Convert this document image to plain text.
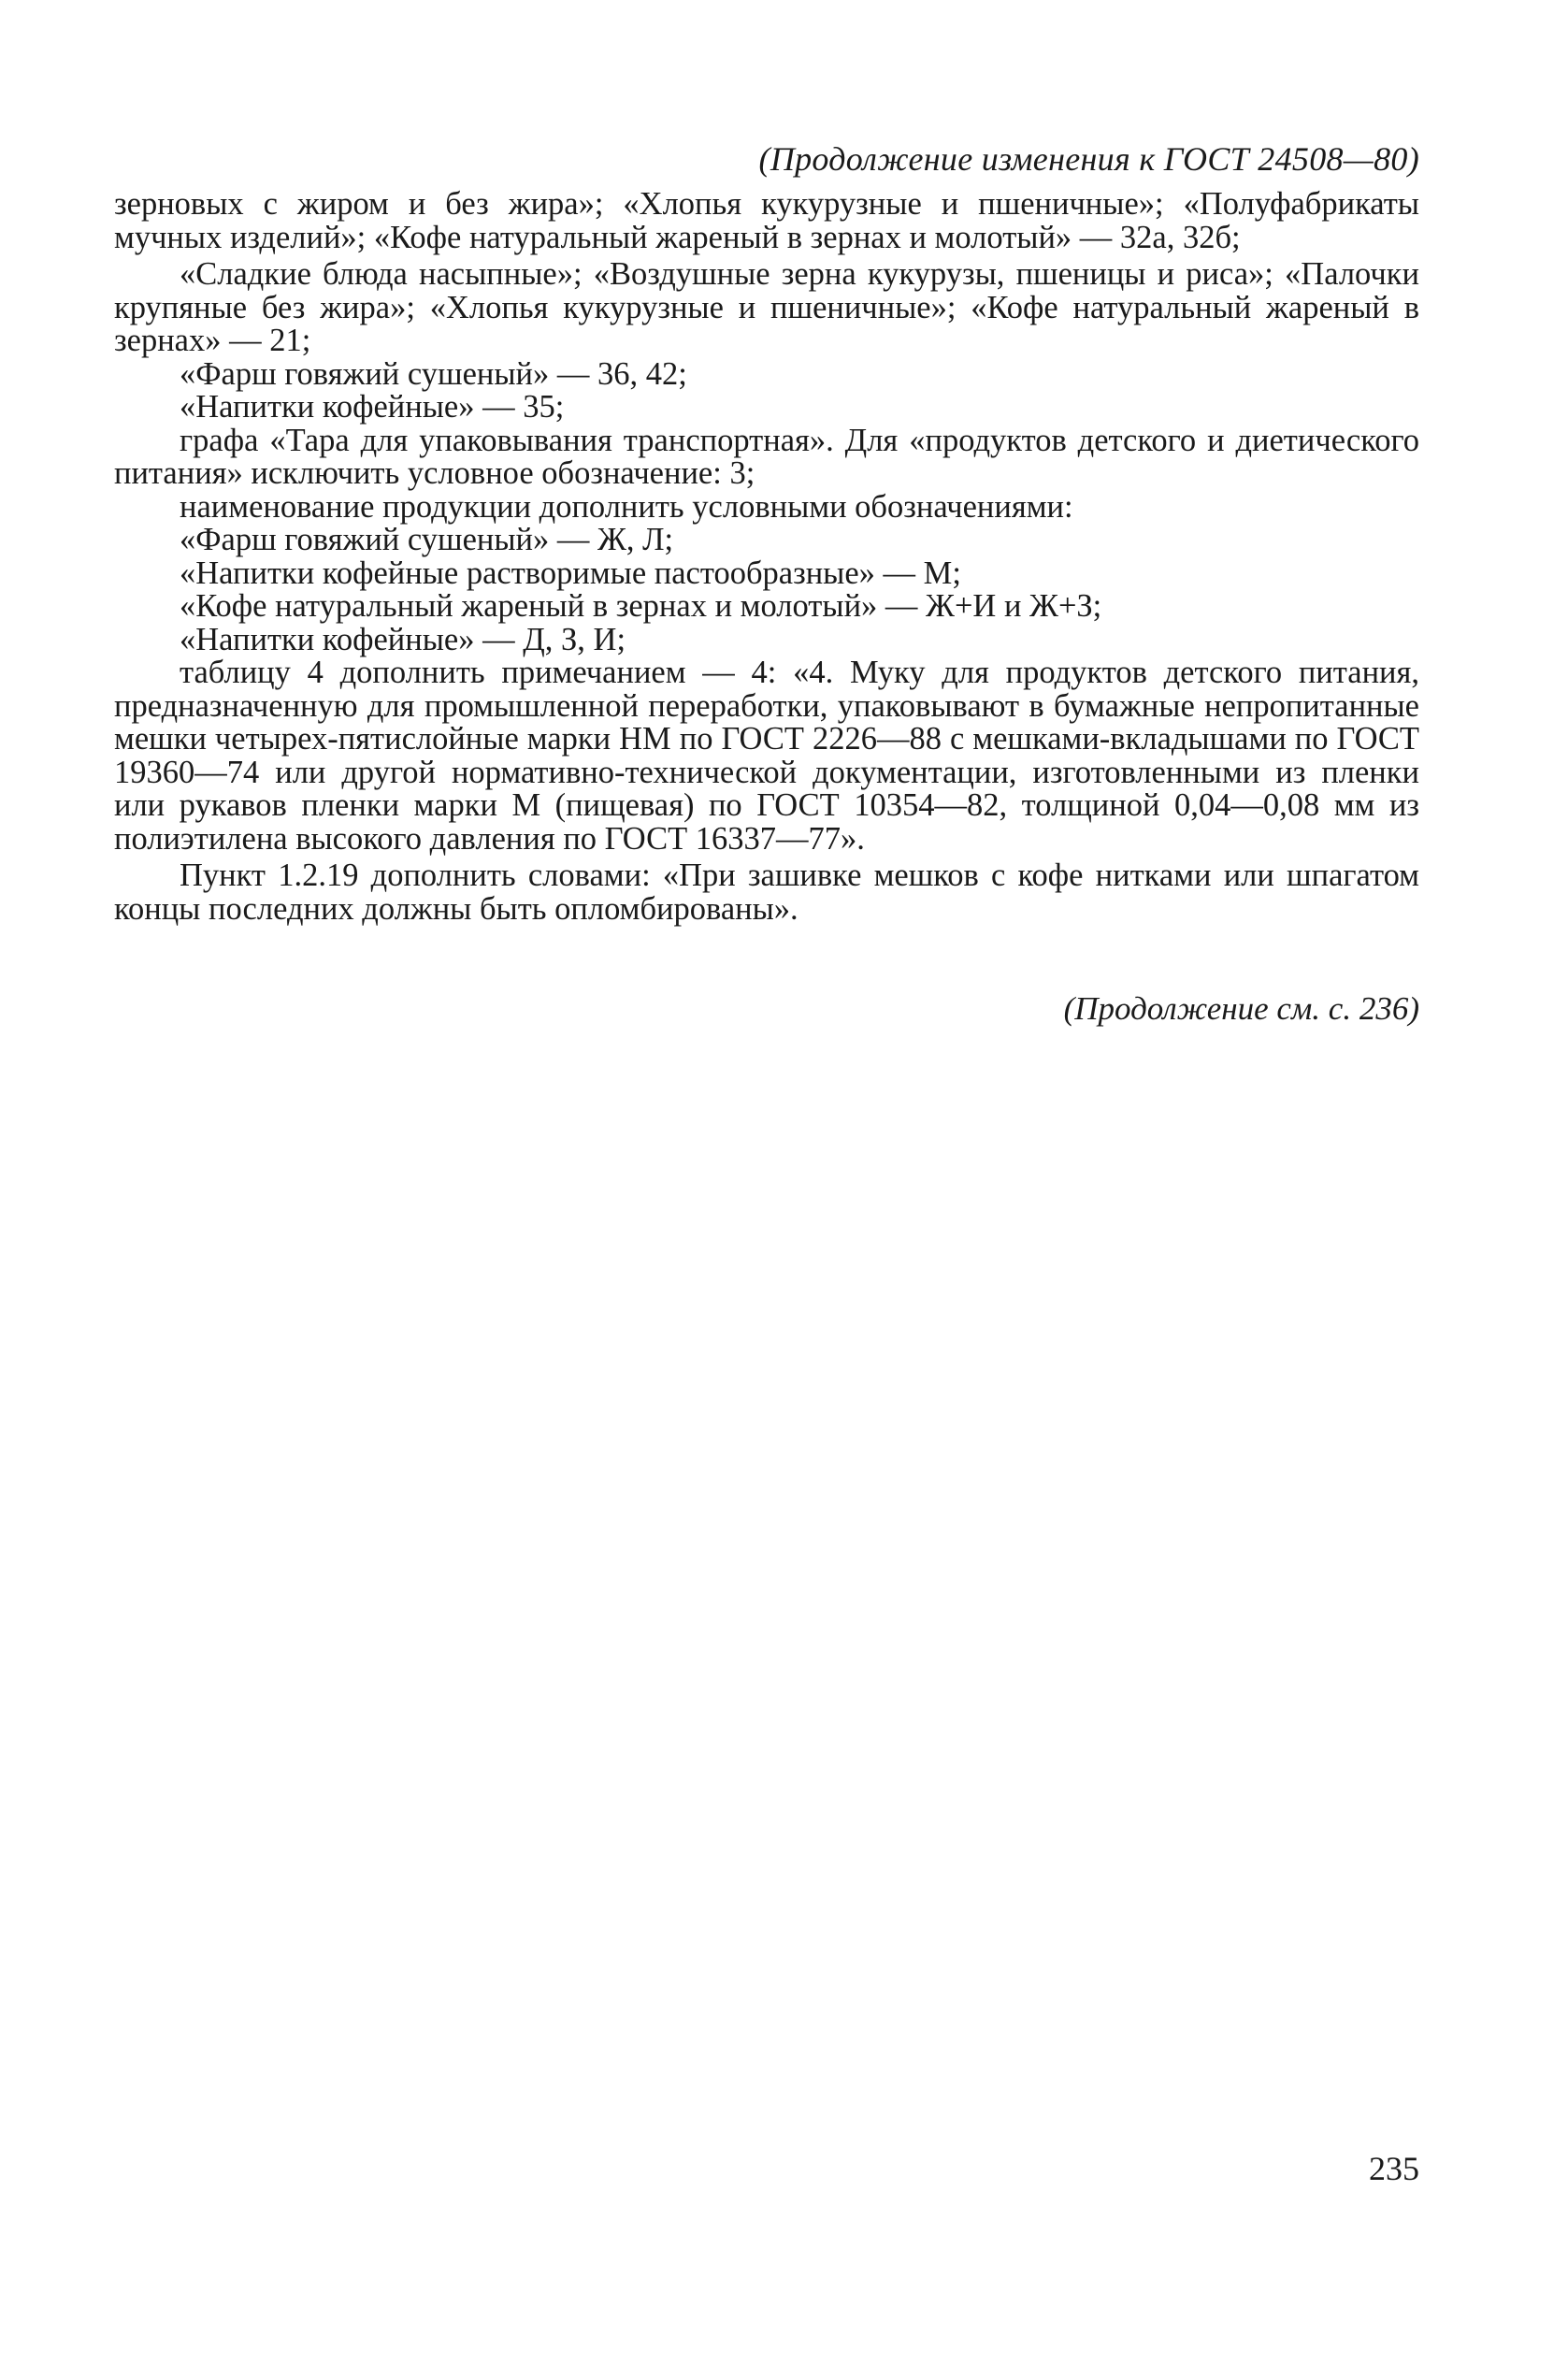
(Продолжение изменения к ГОСТ 24508—80)

зерновых с жиром и без жира»; «Хлопья кукурузные и пшеничные»; «Полуфабрикаты мучных изделий»; «Кофе натуральный жареный в зернах и молотый» — 32а, 32б;

«Сладкие блюда насыпные»; «Воздушные зерна кукурузы, пшеницы и риса»; «Палочки крупяные без жира»; «Хлопья кукурузные и пшеничные»; «Кофе натуральный жареный в зернах» — 21;

«Фарш говяжий сушеный» — 36, 42;

«Напитки кофейные» — 35;

графа «Тара для упаковывания транспортная». Для «продуктов детского и диетического питания» исключить условное обозначение: 3;

наименование продукции дополнить условными обозначениями:

«Фарш говяжий сушеный» — Ж, Л;

«Напитки кофейные растворимые пастообразные» — М;

«Кофе натуральный жареный в зернах и молотый» — Ж+И и Ж+З;

«Напитки кофейные» — Д, З, И;

таблицу 4 дополнить примечанием — 4: «4. Муку для продуктов детского питания, предназначенную для промышленной переработки, упаковывают в бумажные непропитанные мешки четырех-пятислойные марки НМ по ГОСТ 2226—88 с мешками-вкладышами по ГОСТ 19360—74 или другой нормативно-технической документации, изготовленными из пленки или рукавов пленки марки М (пищевая) по ГОСТ 10354—82, толщиной 0,04—0,08 мм из полиэтилена высокого давления по ГОСТ 16337—77».

Пункт 1.2.19 дополнить словами: «При зашивке мешков с кофе нитками или шпагатом концы последних должны быть опломбированы».

(Продолжение см. с. 236)
235
